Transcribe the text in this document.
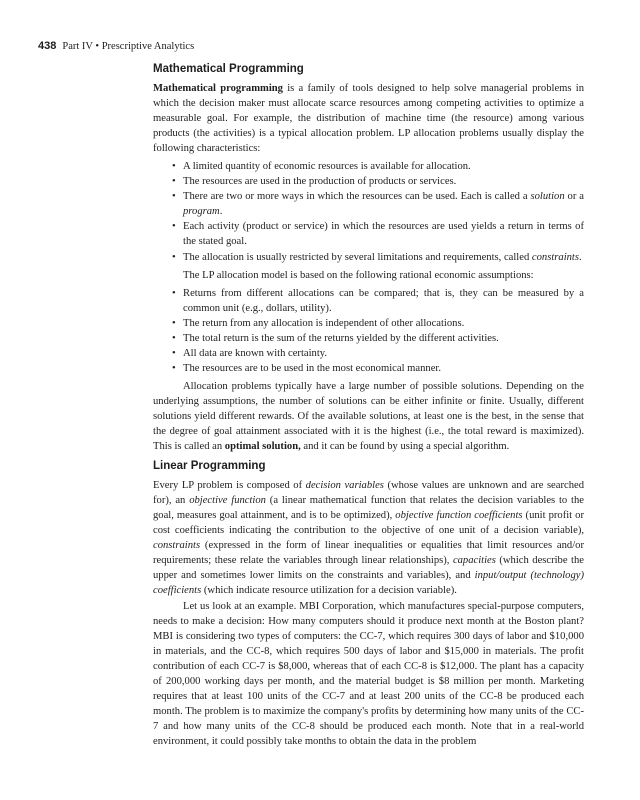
438 Part IV • Prescriptive Analytics
Mathematical Programming

Mathematical programming is a family of tools designed to help solve managerial problems in which the decision maker must allocate scarce resources among competing activities to optimize a measurable goal. For example, the distribution of machine time (the resource) among various products (the activities) is a typical allocation problem. LP allocation problems usually display the following characteristics:

• A limited quantity of economic resources is available for allocation.
• The resources are used in the production of products or services.
• There are two or more ways in which the resources can be used. Each is called a solution or a program.
• Each activity (product or service) in which the resources are used yields a return in terms of the stated goal.
• The allocation is usually restricted by several limitations and requirements, called constraints.

The LP allocation model is based on the following rational economic assumptions:

• Returns from different allocations can be compared; that is, they can be measured by a common unit (e.g., dollars, utility).
• The return from any allocation is independent of other allocations.
• The total return is the sum of the returns yielded by the different activities.
• All data are known with certainty.
• The resources are to be used in the most economical manner.

Allocation problems typically have a large number of possible solutions. Depending on the underlying assumptions, the number of solutions can be either infinite or finite. Usually, different solutions yield different rewards. Of the available solutions, at least one is the best, in the sense that the degree of goal attainment associated with it is the highest (i.e., the total reward is maximized). This is called an optimal solution, and it can be found by using a special algorithm.

Linear Programming

Every LP problem is composed of decision variables (whose values are unknown and are searched for), an objective function (a linear mathematical function that relates the decision variables to the goal, measures goal attainment, and is to be optimized), objective function coefficients (unit profit or cost coefficients indicating the contribution to the objective of one unit of a decision variable), constraints (expressed in the form of linear inequalities or equalities that limit resources and/or requirements; these relate the variables through linear relationships), capacities (which describe the upper and sometimes lower limits on the constraints and variables), and input/output (technology) coefficients (which indicate resource utilization for a decision variable).

Let us look at an example. MBI Corporation, which manufactures special-purpose computers, needs to make a decision: How many computers should it produce next month at the Boston plant? MBI is considering two types of computers: the CC-7, which requires 300 days of labor and $10,000 in materials, and the CC-8, which requires 500 days of labor and $15,000 in materials. The profit contribution of each CC-7 is $8,000, whereas that of each CC-8 is $12,000. The plant has a capacity of 200,000 working days per month, and the material budget is $8 million per month. Marketing requires that at least 100 units of the CC-7 and at least 200 units of the CC-8 be produced each month. The problem is to maximize the company's profits by determining how many units of the CC-7 and how many units of the CC-8 should be produced each month. Note that in a real-world environment, it could possibly take months to obtain the data in the problem
